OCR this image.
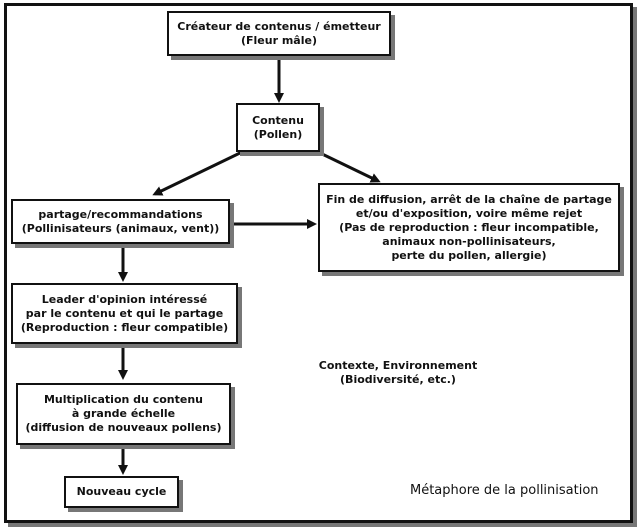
Créateur de contenus / émetteur
(Fleur mâle)
Contenu
(Pollen)
Fin de diffusion, arrêt de la chaîne de partage
et/ou d'exposition, voire même rejet
(Pas de reproduction : fleur incompatible,
animaux non-pollinisateurs,
perte du pollen, allergie)
partage/recommandations
(Pollinisateurs (animaux, vent))
Leader d'opinion intéressé
par le contenu et qui le partage
(Reproduction : fleur compatible)
Multiplication du contenu
à grande échelle
(diffusion de nouveaux pollens)
Nouveau cycle
Contexte, Environnement
(Biodiversité, etc.)
Métaphore de la pollinisation
